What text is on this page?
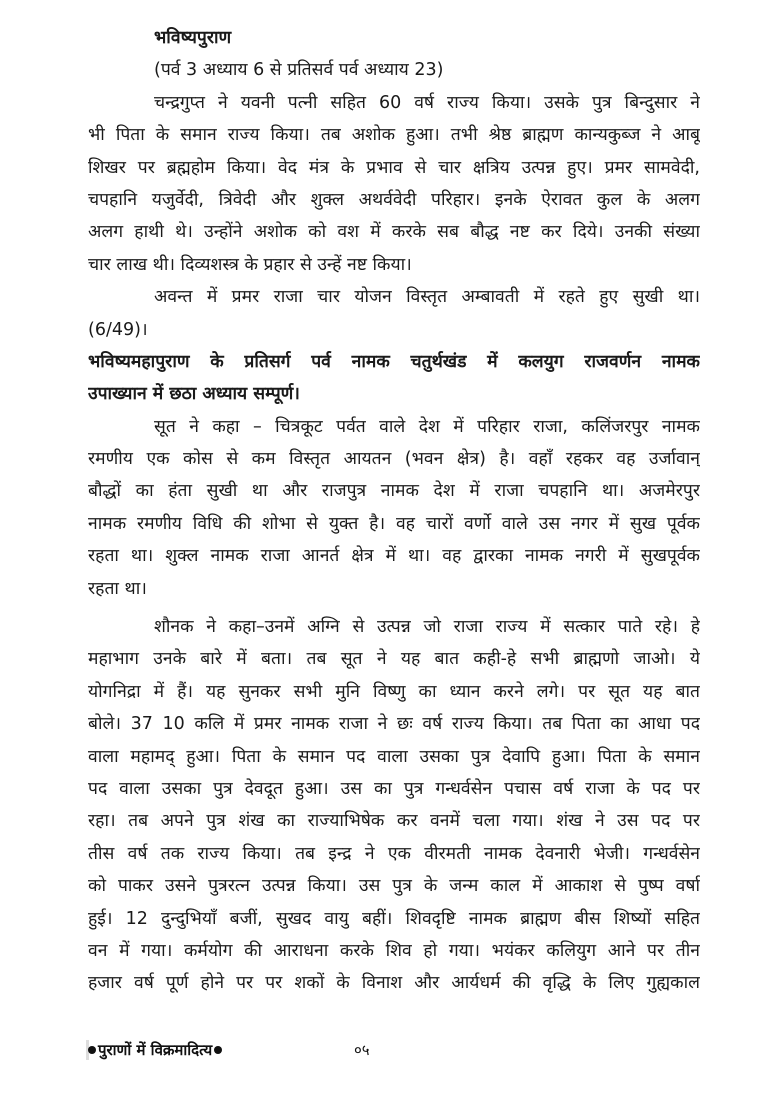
भविष्यपुराण
(पर्व 3 अध्याय 6 से प्रतिसर्व पर्व अध्याय 23)
चन्द्रगुप्त ने यवनी पत्नी सहित 60 वर्ष राज्य किया। उसके पुत्र बिन्दुसार ने
भी पिता के समान राज्य किया। तब अशोक हुआ। तभी श्रेष्ठ ब्राह्मण कान्यकुब्ज ने आबू
शिखर पर ब्रह्महोम किया। वेद मंत्र के प्रभाव से चार क्षत्रिय उत्पन्न हुए। प्रमर सामवेदी,
चपहानि यजुर्वेदी, त्रिवेदी और शुक्ल अथर्ववेदी परिहार। इनके ऐरावत कुल के अलग
अलग हाथी थे। उन्होंने अशोक को वश में करके सब बौद्ध नष्ट कर दिये। उनकी संख्या
चार लाख थी। दिव्यशस्त्र के प्रहार से उन्हें नष्ट किया।
अवन्त में प्रमर राजा चार योजन विस्तृत अम्बावती में रहते हुए सुखी था।
(6/49)।
भविष्यमहापुराण के प्रतिसर्ग पर्व नामक चतुर्थखंड में कलयुग राजवर्णन नामक
उपाख्यान में छठा अध्याय सम्पूर्ण।
सूत ने कहा – चित्रकूट पर्वत वाले देश में परिहार राजा, कलिंजरपुर नामक
रमणीय एक कोस से कम विस्तृत आयतन (भवन क्षेत्र) है। वहाँ रहकर वह उर्जावान्
बौद्धों का हंता सुखी था और राजपुत्र नामक देश में राजा चपहानि था। अजमेरपुर
नामक रमणीय विधि की शोभा से युक्त है। वह चारों वर्णो वाले उस नगर में सुख पूर्वक
रहता था। शुक्ल नामक राजा आनर्त क्षेत्र में था। वह द्वारका नामक नगरी में सुखपूर्वक
रहता था।
शौनक ने कहा–उनमें अग्नि से उत्पन्न जो राजा राज्य में सत्कार पाते रहे। हे
महाभाग उनके बारे में बता। तब सूत ने यह बात कही-हे सभी ब्राह्मणो जाओ। ये
योगनिद्रा में हैं। यह सुनकर सभी मुनि विष्णु का ध्यान करने लगे। पर सूत यह बात
बोले। 37 10 कलि में प्रमर नामक राजा ने छः वर्ष राज्य किया। तब पिता का आधा पद
वाला महामद् हुआ। पिता के समान पद वाला उसका पुत्र देवापि हुआ। पिता के समान
पद वाला उसका पुत्र देवदूत हुआ। उस का पुत्र गन्धर्वसेन पचास वर्ष राजा के पद पर
रहा। तब अपने पुत्र शंख का राज्याभिषेक कर वनमें चला गया। शंख ने उस पद पर
तीस वर्ष तक राज्य किया। तब इन्द्र ने एक वीरमती नामक देवनारी भेजी। गन्धर्वसेन
को पाकर उसने पुत्ररत्न उत्पन्न किया। उस पुत्र के जन्म काल में आकाश से पुष्प वर्षा
हुई। 12 दुन्दुभियाँ बजीं, सुखद वायु बहीं। शिवदृष्टि नामक ब्राह्मण बीस शिष्यों सहित
वन में गया। कर्मयोग की आराधना करके शिव हो गया। भयंकर कलियुग आने पर तीन
हजार वर्ष पूर्ण होने पर पर शकों के विनाश और आर्यधर्म की वृद्धि के लिए गुह्यकाल
पुराणों में विक्रमादित्य	०५
